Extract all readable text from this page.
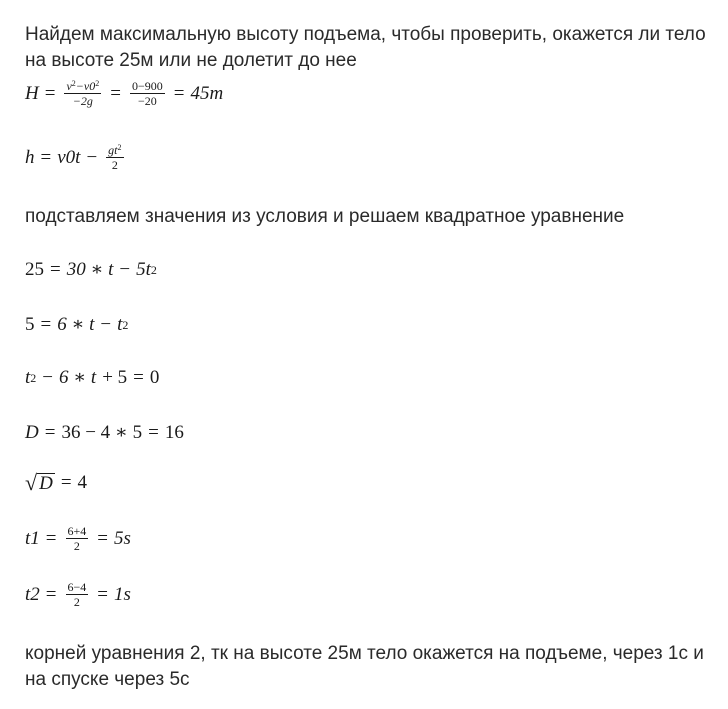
Найдем максимальную высоту подъема, чтобы проверить, окажется ли тело на высоте 25м или не долетит до нее
$H = \frac{v^2-v0^2}{-2g} = \frac{0-900}{-20} = 45m$
$h = v0t - \frac{gt^2}{2}$
подставляем значения из условия и решаем квадратное уравнение
25 = 30 ∗ t − 5t 2
5 = 6 ∗ t − t 2
t 2 − 6 ∗ t + 5 = 0
D = 36 − 4 ∗ 5 = 16
√ D = 4
$t1 = \frac{6+4}{2} = 5s$
$t2 = \frac{6-4}{2} = 1s$
корней уравнения 2, тк на высоте 25м тело окажется на подъеме, через 1с и на спуске через 5с
